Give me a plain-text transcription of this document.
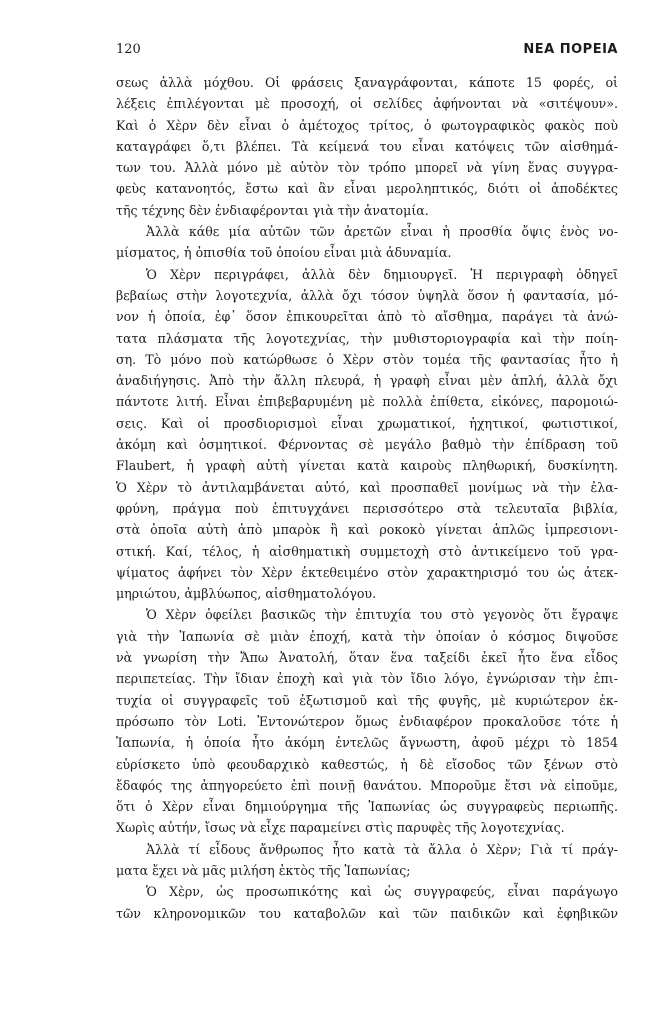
120	ΝΕΑ ΠΟΡΕΙΑ
σεως ἀλλὰ μόχθου. Οἱ φράσεις ξαναγράφονται, κάποτε 15 φορές, οἱ
λέξεις ἐπιλέγονται μὲ προσοχή, οἱ σελίδες ἀφήνονται νὰ «σιτέψουν».
Καὶ ὁ Χὲρν δὲν εἶναι ὁ ἀμέτοχος τρίτος, ὁ φωτογραφικὸς φακὸς ποὺ
καταγράφει ὅ,τι βλέπει. Τὰ κείμενά του εἶναι κατόψεις τῶν αἰσθημά-
των του. Ἀλλὰ μόνο μὲ αὐτὸν τὸν τρόπο μπορεῖ νὰ γίνη ἕνας συγγρα-
φεὺς κατανοητός, ἔστω καὶ ἂν εἶναι μεροληπτικός, διότι οἱ ἀποδέκτες
τῆς τέχνης δὲν ἐνδιαφέρονται γιὰ τὴν ἀνατομία.
Ἀλλὰ κάθε μία αὐτῶν τῶν ἀρετῶν εἶναι ἡ προσθία ὄψις ἑνὸς νο-
μίσματος, ἡ ὀπισθία τοῦ ὁποίου εἶναι μιὰ ἀδυναμία.
Ὁ Χὲρν περιγράφει, ἀλλὰ δὲν δημιουργεῖ. Ἡ περιγραφὴ ὁδηγεῖ
βεβαίως στὴν λογοτεχνία, ἀλλὰ ὄχι τόσον ὑψηλὰ ὅσον ἡ φαντασία, μό-
νον ἡ ὁποία, ἐφ᾽ ὅσον ἐπικουρεῖται ἀπὸ τὸ αἴσθημα, παράγει τὰ ἀνώ-
τατα πλάσματα τῆς λογοτεχνίας, τὴν μυθιστοριογραφία καὶ τὴν ποίη-
ση. Τὸ μόνο ποὺ κατώρθωσε ὁ Χὲρν στὸν τομέα τῆς φαντασίας ἦτο ἡ
ἀναδιήγησις. Ἀπὸ τὴν ἄλλη πλευρά, ἡ γραφὴ εἶναι μὲν ἁπλή, ἀλλὰ ὄχι
πάντοτε λιτή. Εἶναι ἐπιβεβαρυμένη μὲ πολλὰ ἐπίθετα, εἰκόνες, παρομοιώ-
σεις. Καὶ οἱ προσδιορισμοὶ εἶναι χρωματικοί, ἠχητικοί, φωτιστικοί,
ἀκόμη καὶ ὀσμητικοί. Φέρνοντας σὲ μεγάλο βαθμὸ τὴν ἐπίδραση τοῦ
Flaubert, ἡ γραφὴ αὐτὴ γίνεται κατὰ καιροὺς πληθωρική, δυσκίνητη.
Ὁ Χὲρν τὸ ἀντιλαμβάνεται αὐτό, καὶ προσπαθεῖ μονίμως νὰ τὴν ἐλα-
φρύνη, πράγμα ποὺ ἐπιτυγχάνει περισσότερο στὰ τελευταῖα βιβλία,
στὰ ὁποῖα αὐτὴ ἀπὸ μπαρὸκ ἢ καὶ ροκοκὸ γίνεται ἁπλῶς ἰμπρεσιονι-
στική. Καί, τέλος, ἡ αἰσθηματικὴ συμμετοχὴ στὸ ἀντικείμενο τοῦ γρα-
ψίματος ἀφήνει τὸν Χὲρν ἐκτεθειμένο στὸν χαρακτηρισμό του ὡς ἀτεκ-
μηριώτου, ἀμβλύωπος, αἰσθηματολόγου.
Ὁ Χὲρν ὀφείλει βασικῶς τὴν ἐπιτυχία του στὸ γεγονὸς ὅτι ἔγραψε
γιὰ τὴν Ἰαπωνία σὲ μιὰν ἐποχή, κατὰ τὴν ὁποίαν ὁ κόσμος διψοῦσε
νὰ γνωρίση τὴν Ἄπω Ἀνατολή, ὅταν ἕνα ταξείδι ἐκεῖ ἦτο ἕνα εἶδος
περιπετείας. Τὴν ἴδιαν ἐποχὴ καὶ γιὰ τὸν ἴδιο λόγο, ἐγνώρισαν τὴν ἐπι-
τυχία οἱ συγγραφεῖς τοῦ ἐξωτισμοῦ καὶ τῆς φυγῆς, μὲ κυριώτερον ἐκ-
πρόσωπο τὸν Loti. Ἐντονώτερον ὅμως ἐνδιαφέρον προκαλοῦσε τότε ἡ
Ἰαπωνία, ἡ ὁποία ἦτο ἀκόμη ἐντελῶς ἄγνωστη, ἀφοῦ μέχρι τὸ 1854
εὑρίσκετο ὑπὸ φεουδαρχικὸ καθεστώς, ἡ δὲ εἴσοδος τῶν ξένων στὸ
ἔδαφός της ἀπηγορεύετο ἐπὶ ποινῇ θανάτου. Μποροῦμε ἔτσι νὰ εἰποῦμε,
ὅτι ὁ Χὲρν εἶναι δημιούργημα τῆς Ἰαπωνίας ὡς συγγραφεὺς περιωπῆς.
Χωρὶς αὐτήν, ἴσως νὰ εἶχε παραμείνει στὶς παρυφὲς τῆς λογοτεχνίας.
Ἀλλὰ τί εἶδους ἄνθρωπος ἦτο κατὰ τὰ ἄλλα ὁ Χὲρν; Γιὰ τί πράγ-
ματα ἔχει νὰ μᾶς μιλήση ἐκτὸς τῆς Ἰαπωνίας;
Ὁ Χὲρν, ὡς προσωπικότης καὶ ὡς συγγραφεύς, εἶναι παράγωγο
τῶν κληρονομικῶν του καταβολῶν καὶ τῶν παιδικῶν καὶ ἐφηβικῶν
